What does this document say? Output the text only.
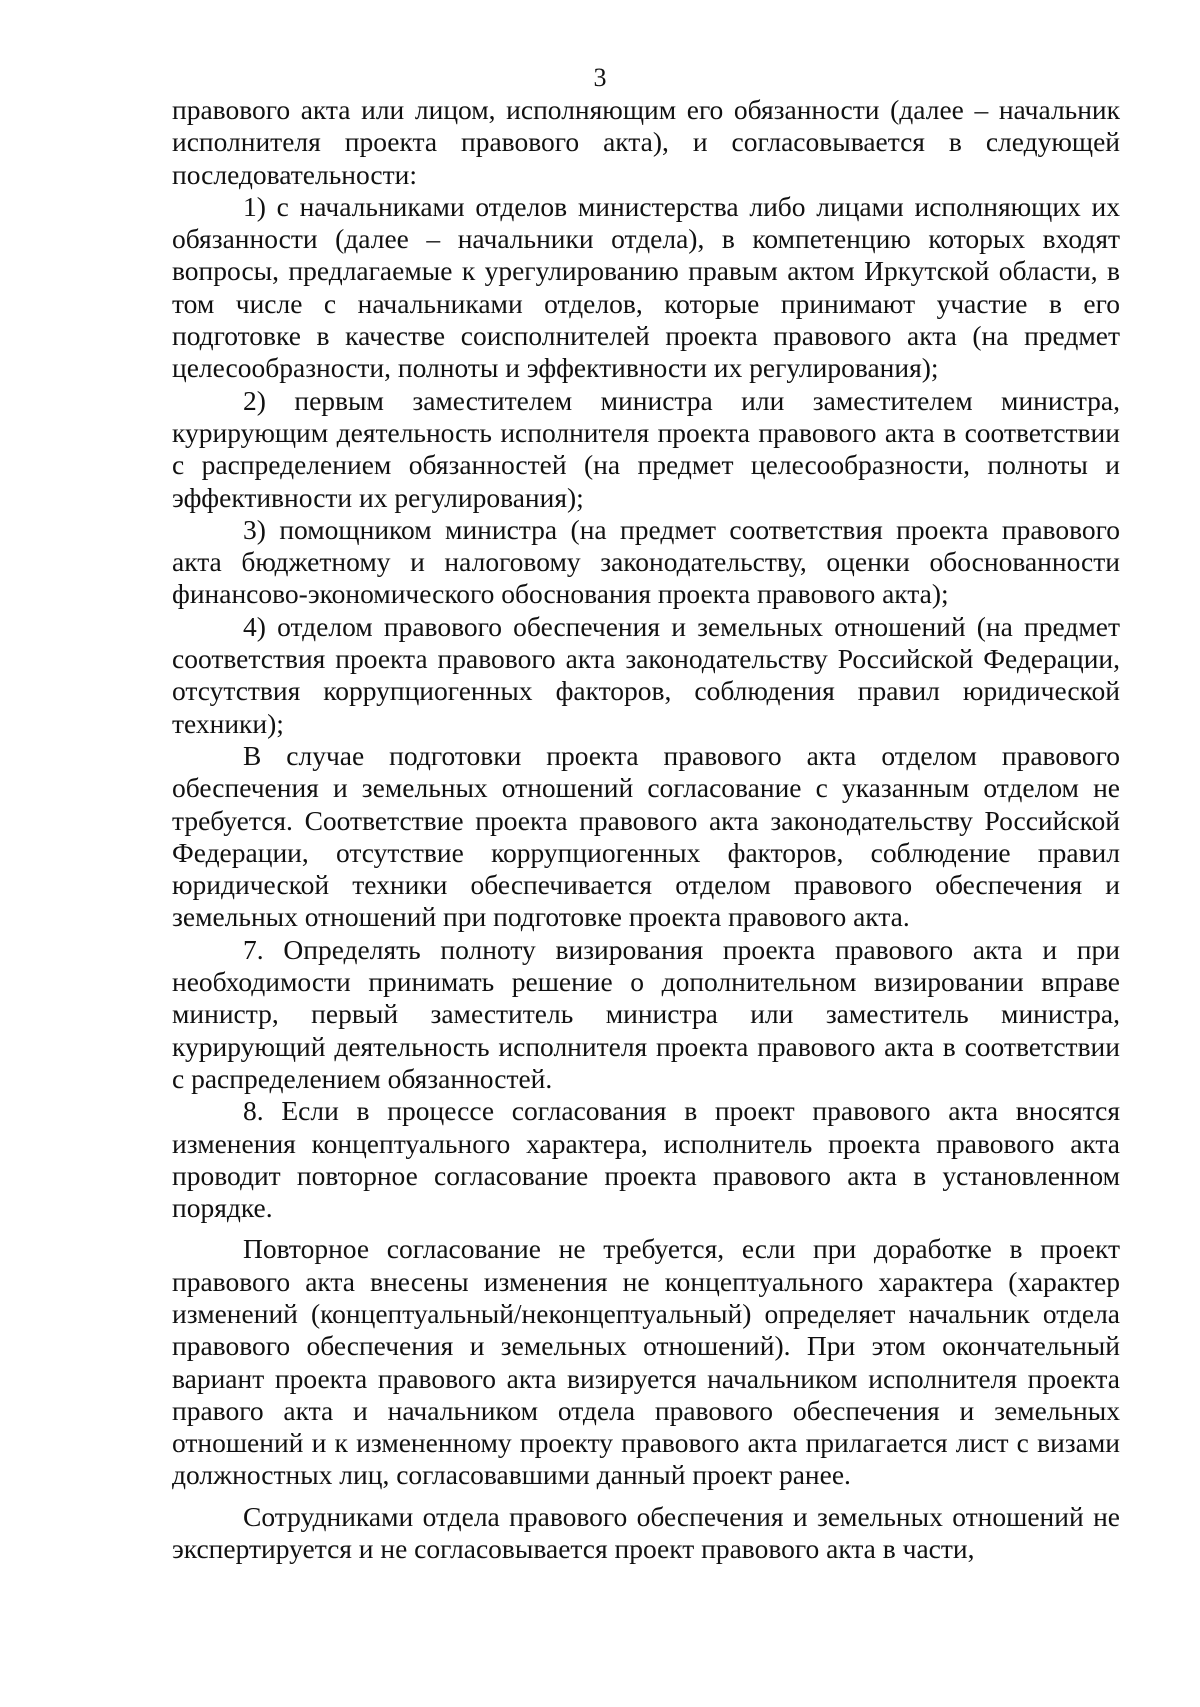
3

правового акта или лицом, исполняющим его обязанности (далее – начальник исполнителя проекта правового акта), и согласовывается в следующей последовательности:

1) с начальниками отделов министерства либо лицами исполняющих их обязанности (далее – начальники отдела), в компетенцию которых входят вопросы, предлагаемые к урегулированию правым актом Иркутской области, в том числе с начальниками отделов, которые принимают участие в его подготовке в качестве соисполнителей проекта правового акта (на предмет целесообразности, полноты и эффективности их регулирования);

2) первым заместителем министра или заместителем министра, курирующим деятельность исполнителя проекта правового акта в соответствии с распределением обязанностей (на предмет целесообразности, полноты и эффективности их регулирования);

3) помощником министра (на предмет соответствия проекта правового акта бюджетному и налоговому законодательству, оценки обоснованности финансово-экономического обоснования проекта правового акта);

4) отделом правового обеспечения и земельных отношений (на предмет соответствия проекта правового акта законодательству Российской Федерации, отсутствия коррупциогенных факторов, соблюдения правил юридической техники);

В случае подготовки проекта правового акта отделом правового обеспечения и земельных отношений согласование с указанным отделом не требуется. Соответствие проекта правового акта законодательству Российской Федерации, отсутствие коррупциогенных факторов, соблюдение правил юридической техники обеспечивается отделом правового обеспечения и земельных отношений при подготовке проекта правового акта.

7. Определять полноту визирования проекта правового акта и при необходимости принимать решение о дополнительном визировании вправе министр, первый заместитель министра или заместитель министра, курирующий деятельность исполнителя проекта правового акта в соответствии с распределением обязанностей.

8. Если в процессе согласования в проект правового акта вносятся изменения концептуального характера, исполнитель проекта правового акта проводит повторное согласование проекта правового акта в установленном порядке.

Повторное согласование не требуется, если при доработке в проект правового акта внесены изменения не концептуального характера (характер изменений (концептуальный/неконцептуальный) определяет начальник отдела правового обеспечения и земельных отношений). При этом окончательный вариант проекта правового акта визируется начальником исполнителя проекта правого акта и начальником отдела правового обеспечения и земельных отношений и к измененному проекту правового акта прилагается лист с визами должностных лиц, согласовавшими данный проект ранее.

Сотрудниками отдела правового обеспечения и земельных отношений не экспертируется и не согласовывается проект правового акта в части,
